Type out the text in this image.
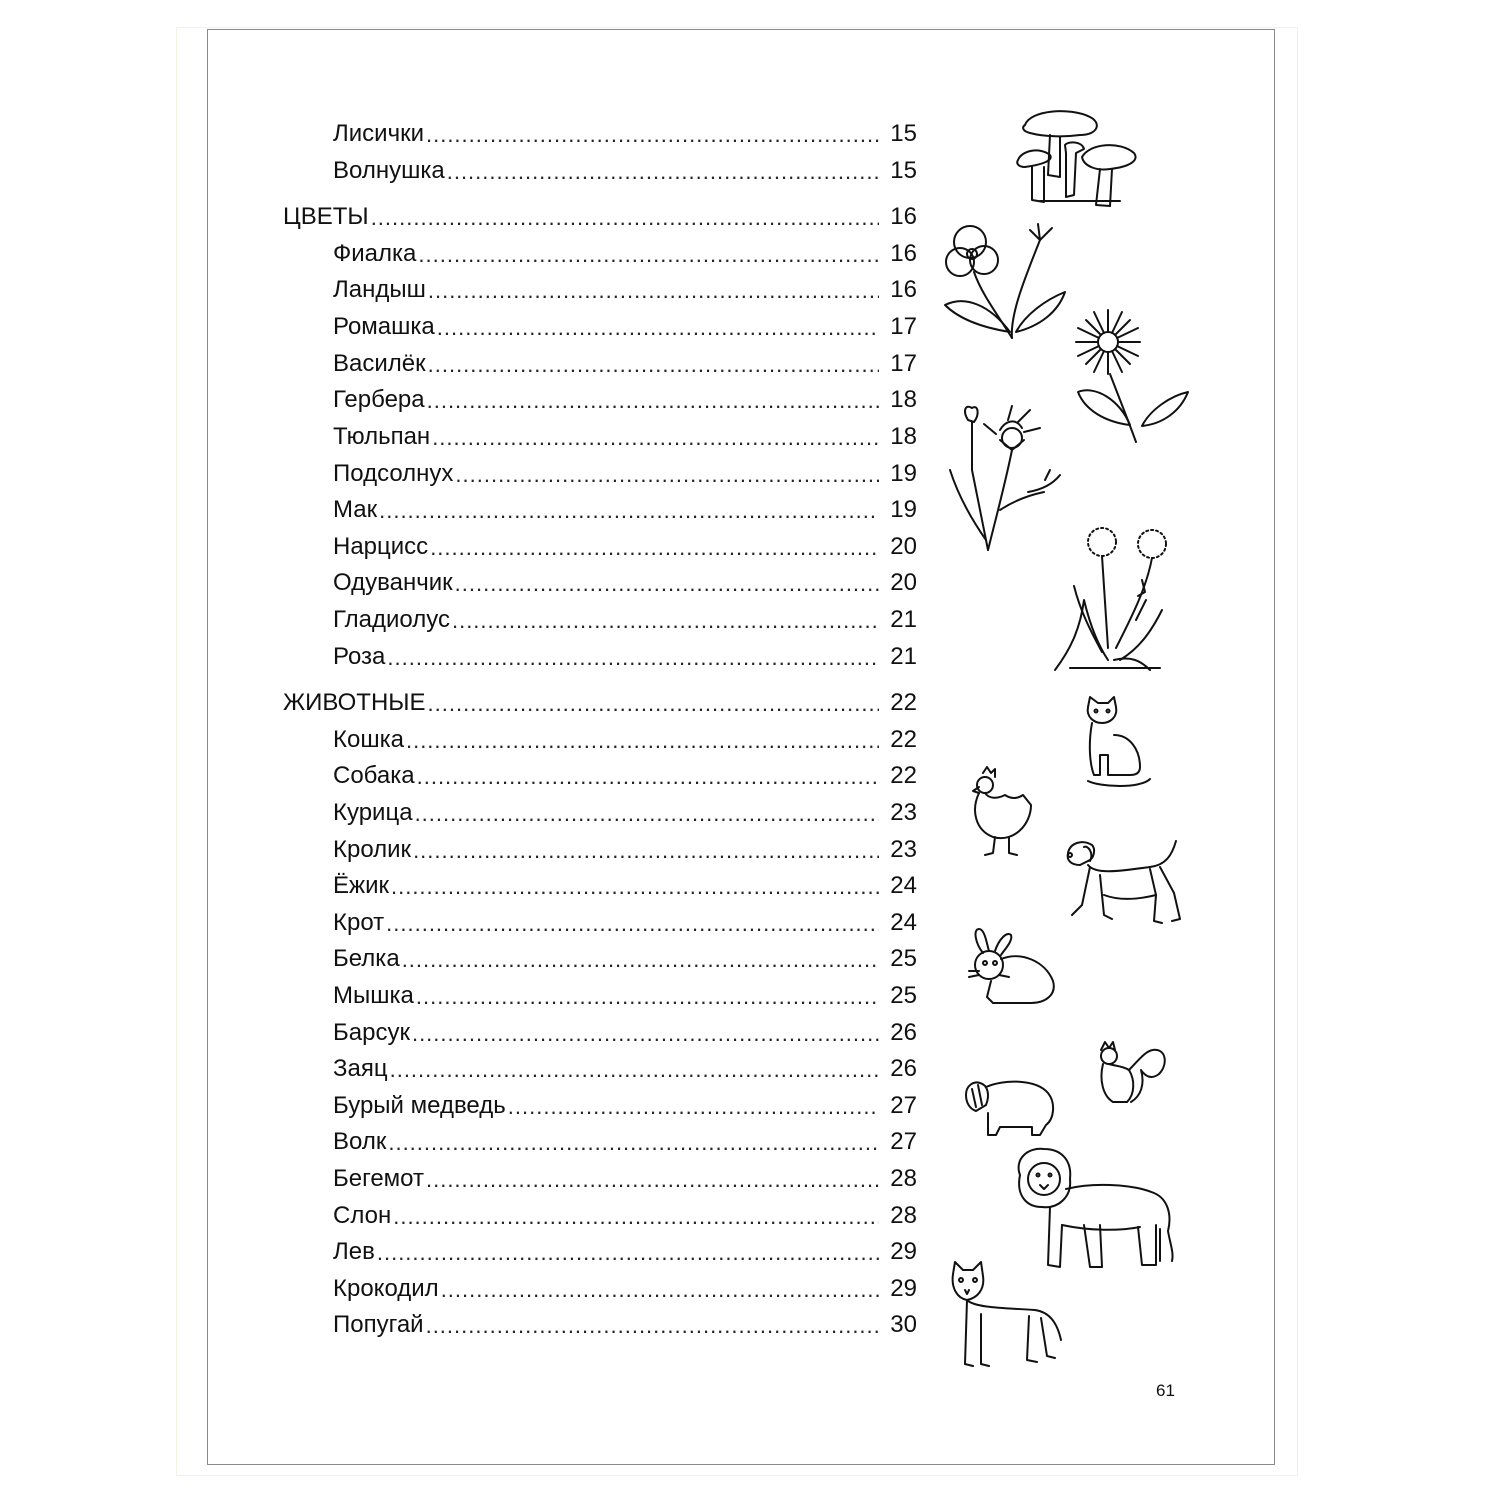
Лисички .....	15
Волнушка .....	15
ЦВЕТЫ .....	16
Фиалка .....	16
Ландыш .....	16
Ромашка .....	17
Василёк .....	17
Гербера .....	18
Тюльпан .....	18
Подсолнух .....	19
Мак .....	19
Нарцисс .....	20
Одуванчик .....	20
Гладиолус .....	21
Роза .....	21
ЖИВОТНЫЕ .....	22
Кошка .....	22
Собака .....	22
Курица .....	23
Кролик .....	23
Ёжик .....	24
Крот .....	24
Белка .....	25
Мышка .....	25
Барсук .....	26
Заяц .....	26
Бурый медведь .....	27
Волк .....	27
Бегемот .....	28
Слон .....	28
Лев .....	29
Крокодил .....	29
Попугай .....	30
61
